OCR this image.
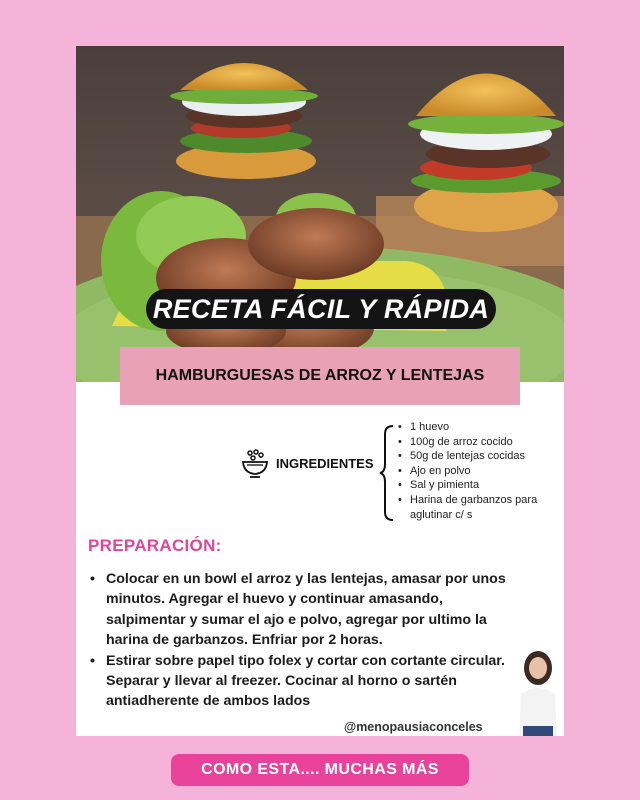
RECETA FÁCIL Y RÁPIDA
HAMBURGUESAS DE ARROZ Y LENTEJAS
INGREDIENTES
• 1 huevo
• 100g de arroz cocido
• 50g de lentejas cocidas
• Ajo en polvo
• Sal y pimienta
• Harina de garbanzos para
aglutinar c/ s
PREPARACIÓN:
• Colocar en un bowl el arroz y las lentejas, amasar por unos minutos. Agregar el huevo y continuar amasando, salpimentar y sumar el ajo e polvo, agregar por ultimo la harina de garbanzos. Enfriar por 2 horas.
• Estirar sobre papel tipo folex y cortar con cortante circular. Separar y llevar al freezer. Cocinar al horno o sartén antiadherente de ambos lados
@menopausiaconceles
COMO ESTA.... MUCHAS MÁS
